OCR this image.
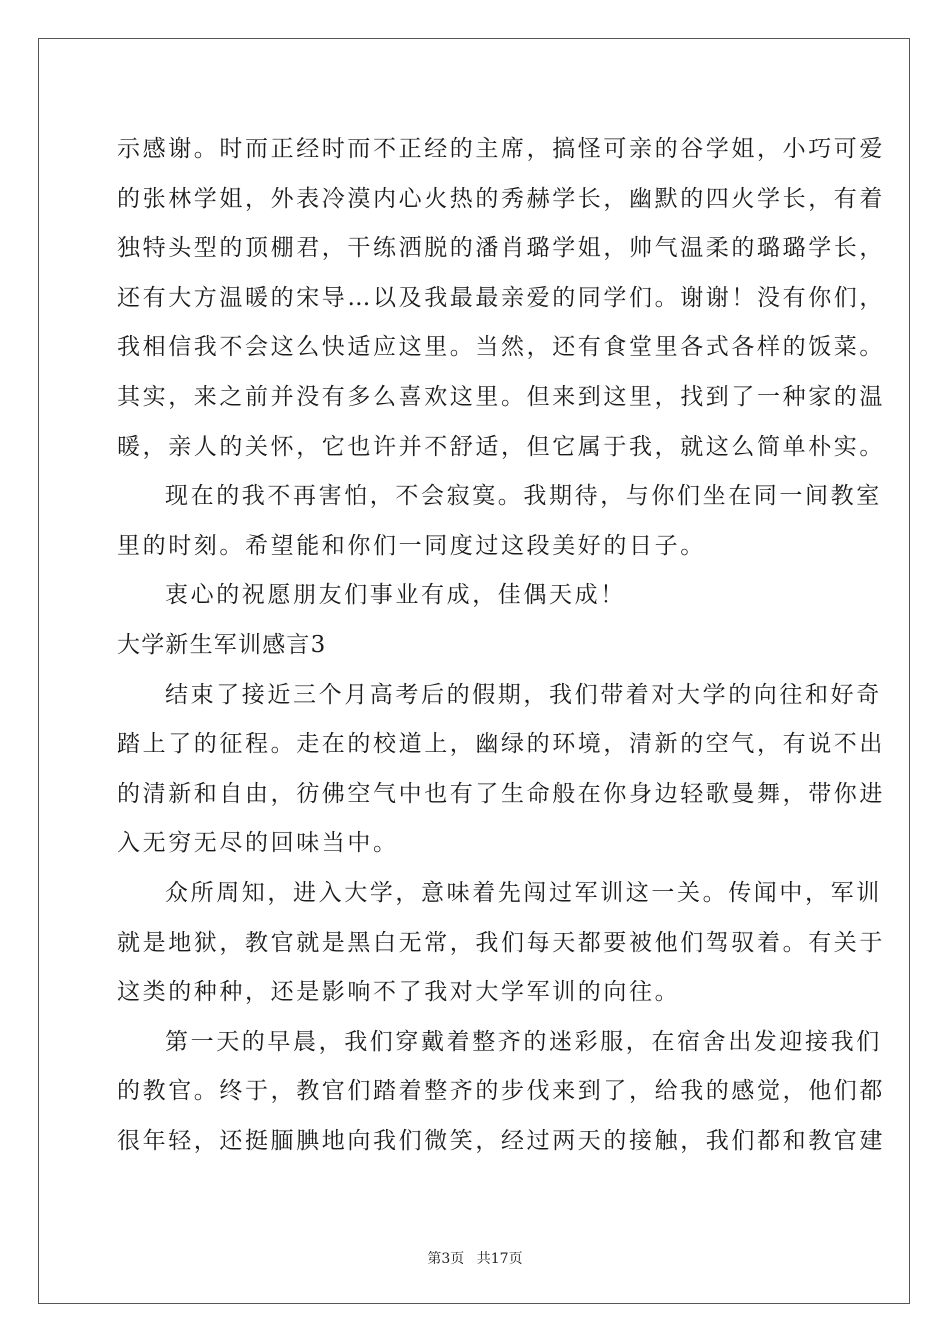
示感谢。时而正经时而不正经的主席，搞怪可亲的谷学姐，小巧可爱
的张林学姐，外表冷漠内心火热的秀赫学长，幽默的四火学长，有着
独特头型的顶棚君，干练洒脱的潘肖璐学姐，帅气温柔的璐璐学长，
还有大方温暖的宋导…以及我最最亲爱的同学们。谢谢！没有你们，
我相信我不会这么快适应这里。当然，还有食堂里各式各样的饭菜。
其实，来之前并没有多么喜欢这里。但来到这里，找到了一种家的温
暖，亲人的关怀，它也许并不舒适，但它属于我，就这么简单朴实。
现在的我不再害怕，不会寂寞。我期待，与你们坐在同一间教室
里的时刻。希望能和你们一同度过这段美好的日子。
衷心的祝愿朋友们事业有成，佳偶天成！
大学新生军训感言3
结束了接近三个月高考后的假期，我们带着对大学的向往和好奇
踏上了的征程。走在的校道上，幽绿的环境，清新的空气，有说不出
的清新和自由，彷佛空气中也有了生命般在你身边轻歌曼舞，带你进
入无穷无尽的回味当中。
众所周知，进入大学，意味着先闯过军训这一关。传闻中，军训
就是地狱，教官就是黑白无常，我们每天都要被他们驾驭着。有关于
这类的种种，还是影响不了我对大学军训的向往。
第一天的早晨，我们穿戴着整齐的迷彩服，在宿舍出发迎接我们
的教官。终于，教官们踏着整齐的步伐来到了，给我的感觉，他们都
很年轻，还挺腼腆地向我们微笑，经过两天的接触，我们都和教官建
第3页 共17页
